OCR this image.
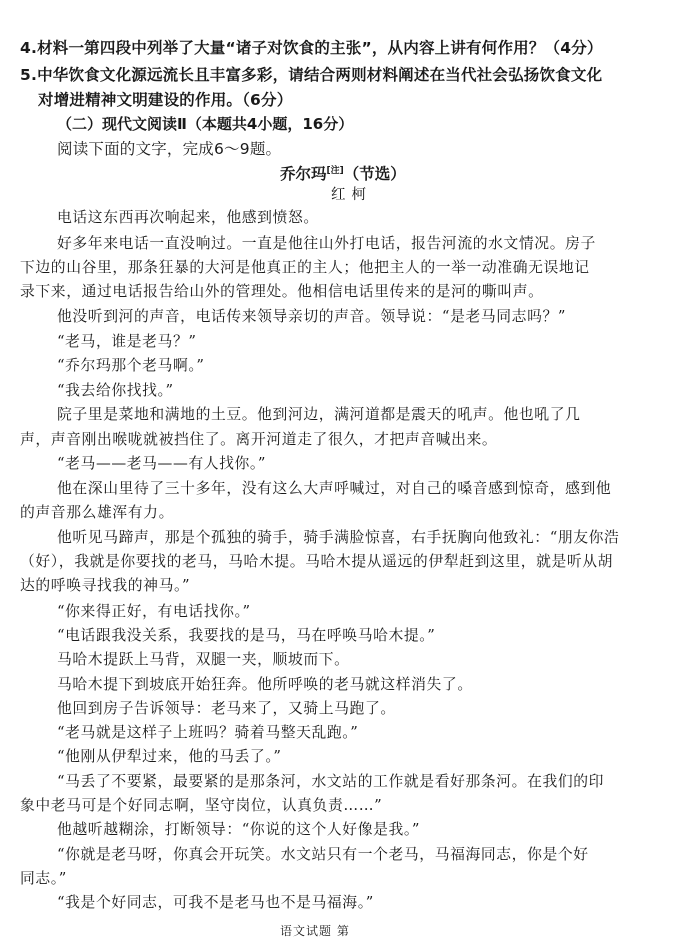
4.材料一第四段中列举了大量“诸子对饮食的主张”，从内容上讲有何作用？（4分）
5.中华饮食文化源远流长且丰富多彩，请结合两则材料阐述在当代社会弘扬饮食文化
对增进精神文明建设的作用。（6分）
（二）现代文阅读Ⅱ（本题共4小题，16分）
阅读下面的文字，完成6～9题。
乔尔玛[注]（节选）
红柯
电话这东西再次响起来，他感到愤怒。
好多年来电话一直没响过。一直是他往山外打电话，报告河流的水文情况。房子
下边的山谷里，那条狂暴的大河是他真正的主人；他把主人的一举一动准确无误地记
录下来，通过电话报告给山外的管理处。他相信电话里传来的是河的嘶叫声。
他没听到河的声音，电话传来领导亲切的声音。领导说：“是老马同志吗？”
“老马，谁是老马？”
“乔尔玛那个老马啊。”
“我去给你找找。”
院子里是菜地和满地的土豆。他到河边，满河道都是震天的吼声。他也吼了几
声，声音刚出喉咙就被挡住了。离开河道走了很久，才把声音喊出来。
“老马——老马——有人找你。”
他在深山里待了三十多年，没有这么大声呼喊过，对自己的嗓音感到惊奇，感到他
的声音那么雄浑有力。
他听见马蹄声，那是个孤独的骑手，骑手满脸惊喜，右手抚胸向他致礼：“朋友你浩
（好），我就是你要找的老马，马哈木提。马哈木提从遥远的伊犁赶到这里，就是听从胡
达的呼唤寻找我的神马。”
“你来得正好，有电话找你。”
“电话跟我没关系，我要找的是马，马在呼唤马哈木提。”
马哈木提跃上马背，双腿一夹，顺坡而下。
马哈木提下到坡底开始狂奔。他所呼唤的老马就这样消失了。
他回到房子告诉领导：老马来了，又骑上马跑了。
“老马就是这样子上班吗？骑着马整天乱跑。”
“他刚从伊犁过来，他的马丢了。”
“马丢了不要紧，最要紧的是那条河，水文站的工作就是看好那条河。在我们的印
象中老马可是个好同志啊，坚守岗位，认真负责……”
他越听越糊涂，打断领导：“你说的这个人好像是我。”
“你就是老马呀，你真会开玩笑。水文站只有一个老马，马福海同志，你是个好
同志。”
“我是个好同志，可我不是老马也不是马福海。”
语文试题 第
